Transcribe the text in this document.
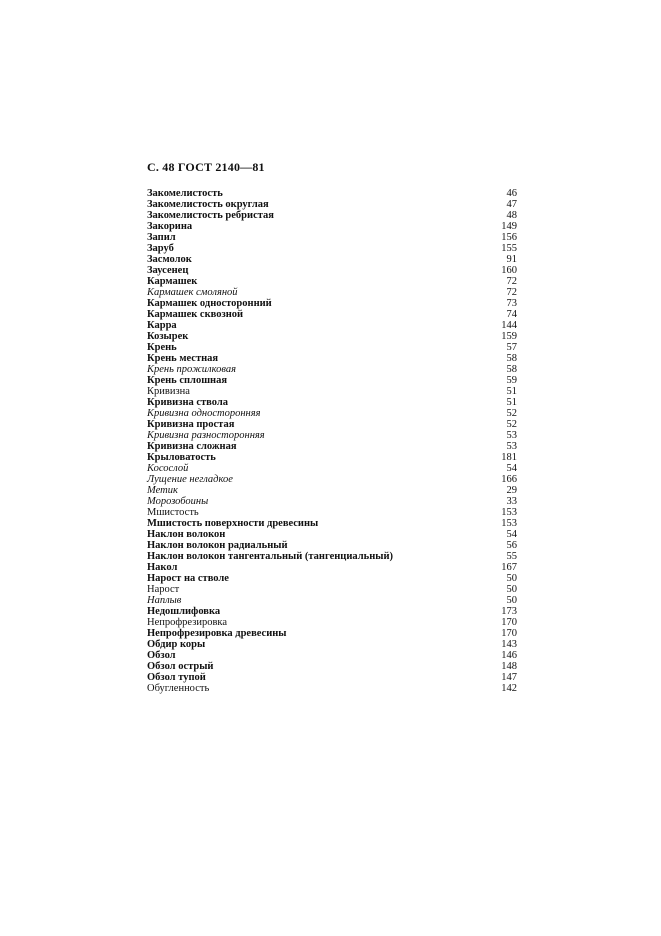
С. 48 ГОСТ 2140—81
Закомелистость	46
Закомелистость округлая	47
Закомелистость ребристая	48
Закорина	149
Запил	156
Заруб	155
Засмолок	91
Заусенец	160
Кармашек	72
Кармашек смоляной	72
Кармашек односторонний	73
Кармашек сквозной	74
Карра	144
Козырек	159
Крень	57
Крень местная	58
Крень прожилковая	58
Крень сплошная	59
Кривизна	51
Кривизна ствола	51
Кривизна односторонняя	52
Кривизна простая	52
Кривизна разносторонняя	53
Кривизна сложная	53
Крыловатость	181
Косослой	54
Лущение негладкое	166
Метик	29
Морозобоины	33
Мшистость	153
Мшистость поверхности древесины	153
Наклон волокон	54
Наклон волокон радиальный	56
Наклон волокон тангентальный (тангенциальный)	55
Накол	167
Нарост на стволе	50
Нарост	50
Наплыв	50
Недошлифовка	173
Непрофрезировка	170
Непрофрезировка древесины	170
Обдир коры	143
Обзол	146
Обзол острый	148
Обзол тупой	147
Обугленность	142
